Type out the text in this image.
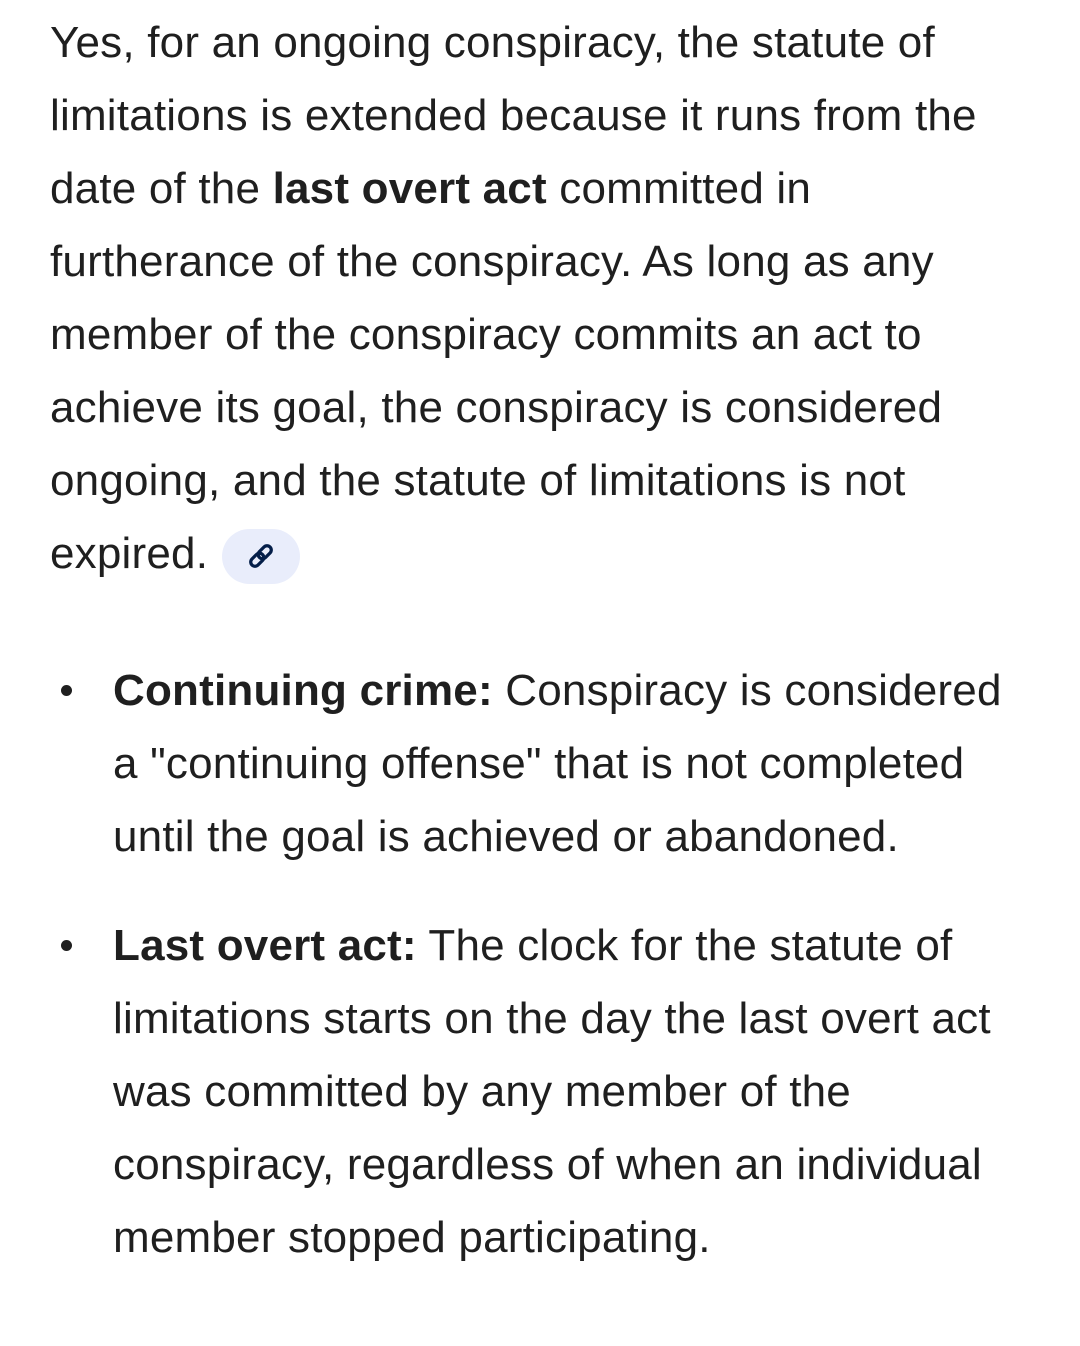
Yes, for an ongoing conspiracy, the statute of limitations is extended because it runs from the date of the last overt act committed in furtherance of the conspiracy. As long as any member of the conspiracy commits an act to achieve its goal, the conspiracy is considered ongoing, and the statute of limitations is not expired.

Continuing crime: Conspiracy is considered a "continuing offense" that is not completed until the goal is achieved or abandoned.
Last overt act: The clock for the statute of limitations starts on the day the last overt act was committed by any member of the conspiracy, regardless of when an individual member stopped participating.
